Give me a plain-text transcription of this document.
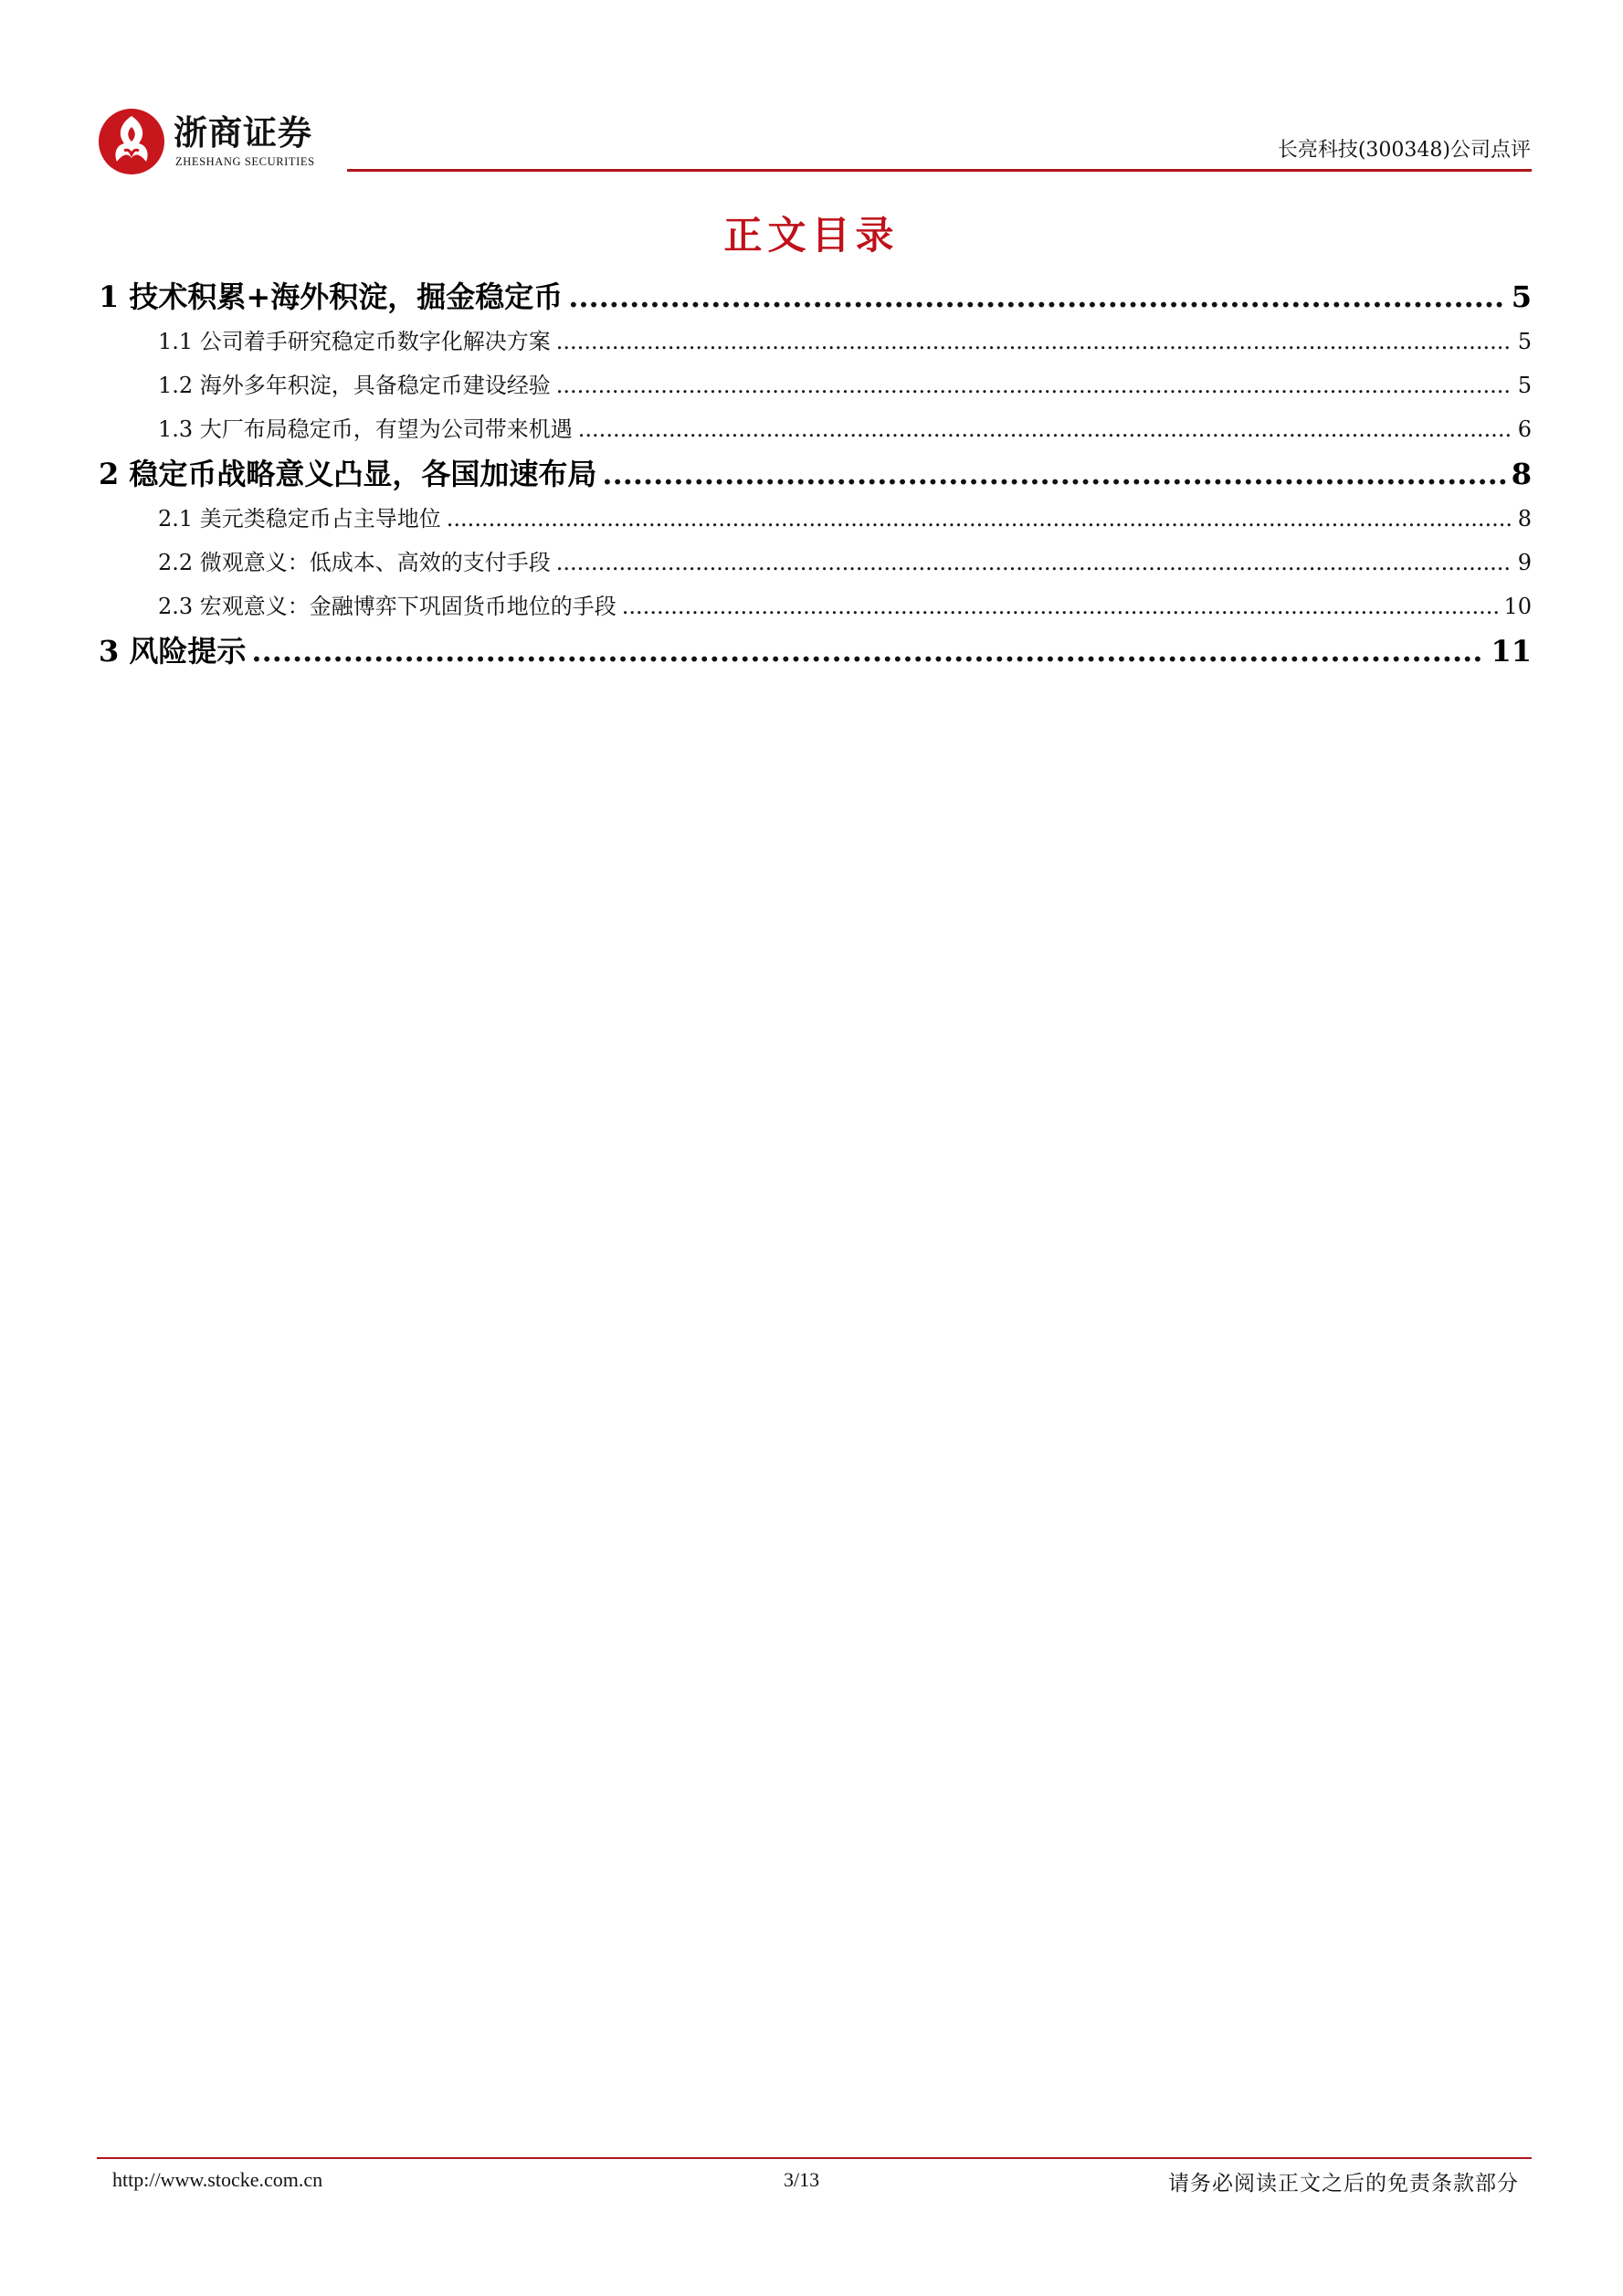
浙商证券
ZHESHANG SECURITIES	长亮科技(300348)公司点评
正文目录
1 技术积累+海外积淀，掘金稳定币 .....	5
1.1 公司着手研究稳定币数字化解决方案 .....	5
1.2 海外多年积淀，具备稳定币建设经验 .....	5
1.3 大厂布局稳定币，有望为公司带来机遇 .....	6
2 稳定币战略意义凸显，各国加速布局 .....	8
2.1 美元类稳定币占主导地位 .....	8
2.2 微观意义：低成本、高效的支付手段 .....	9
2.3 宏观意义：金融博弈下巩固货币地位的手段 .....	10
3 风险提示 .....	11
http://www.stocke.com.cn	3/13	请务必阅读正文之后的免责条款部分
